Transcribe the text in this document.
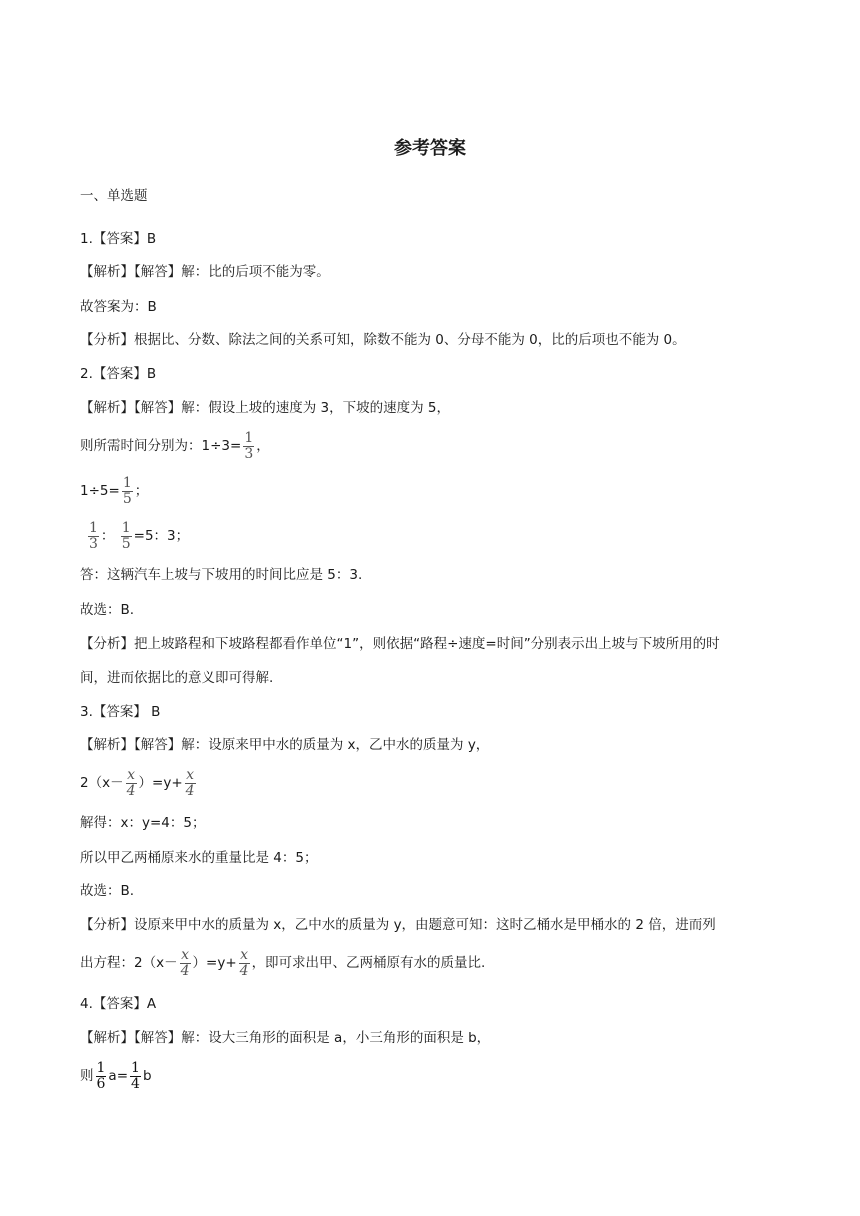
参考答案
一、单选题
1.【答案】B
【解析】【解答】解：比的后项不能为零。
故答案为：B
【分析】根据比、分数、除法之间的关系可知，除数不能为 0、分母不能为 0，比的后项也不能为 0。
2.【答案】B
【解析】【解答】解：假设上坡的速度为 3，下坡的速度为 5，
则所需时间分别为：$1\div 3= \frac{1}{3}$ ，
$1\div 5= \frac{1}{5}$ ；
$\frac{1}{3}$ ： $\frac{1}{5} =5$：3；
答：这辆汽车上坡与下坡用的时间比应是 5：3.
故选：B.
【分析】把上坡路程和下坡路程都看作单位“1”，则依据“路程÷速度=时间”分别表示出上坡与下坡所用的时
间，进而依据比的意义即可得解.
3.【答案】 B
【解析】【解答】解：设原来甲中水的质量为 x，乙中水的质量为 y，
$2(x- \frac{x}{4} )=y+ \frac{x}{4}$
解得：x：y=4：5；
所以甲乙两桶原来水的重量比是 4：5；
故选：B.
【分析】设原来甲中水的质量为 x，乙中水的质量为 y，由题意可知：这时乙桶水是甲桶水的 2 倍，进而列
出方程：$2(x- \frac{x}{4} )=y+ \frac{x}{4}$ ，即可求出甲、乙两桶原有水的质量比.
4.【答案】A
【解析】【解答】解：设大三角形的面积是 a，小三角形的面积是 b，
则 $\frac{1}{6} a= \frac{1}{4}$ b
